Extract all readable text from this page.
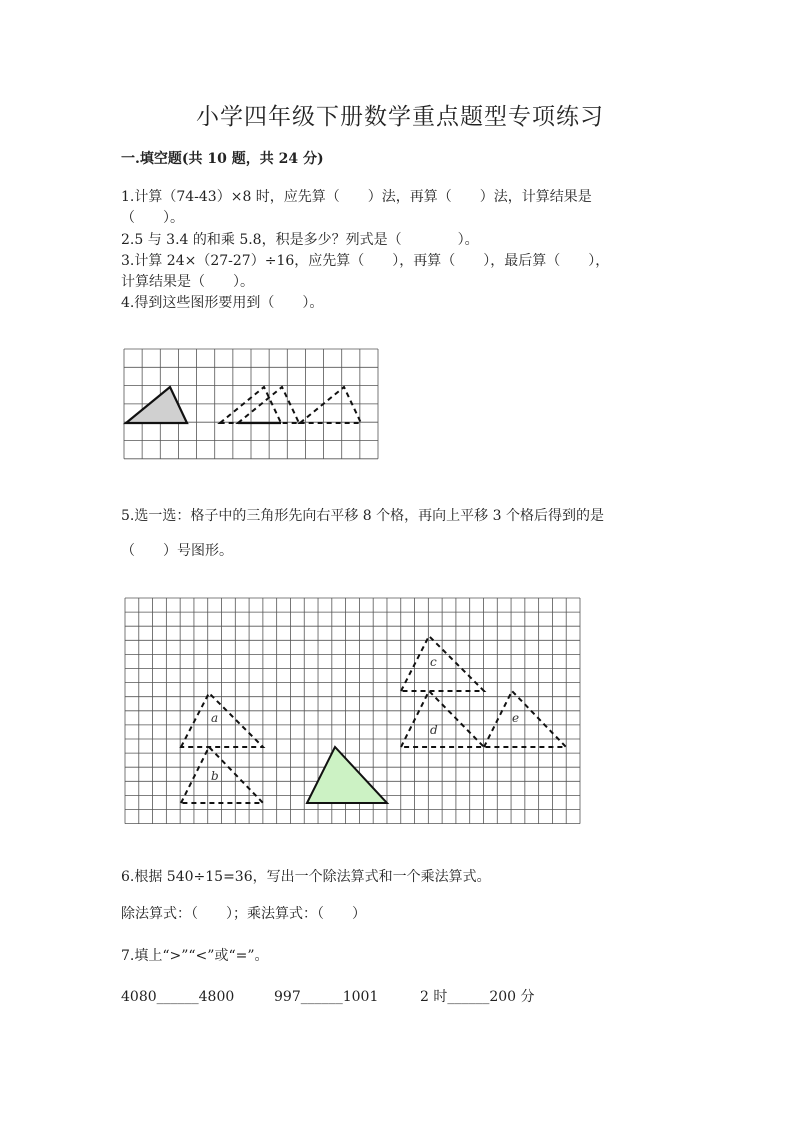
小学四年级下册数学重点题型专项练习

一.填空题(共 10 题，共 24 分)

1.计算（74-43）×8 时，应先算（　　）法，再算（　　）法，计算结果是

（　　）。

2.5 与 3.4 的和乘 5.8，积是多少？列式是（　　　　）。

3.计算 24×（27-27）÷16，应先算（　　），再算（　　），最后算（　　），

计算结果是（　　）。

4.得到这些图形要用到（　　）。

5.选一选：格子中的三角形先向右平移 8 个格，再向上平移 3 个格后得到的是

（　　）号图形。

a
b
c
d
e

6.根据 540÷15=36，写出一个除法算式和一个乘法算式。

除法算式：（　　）；乘法算式：（　　）

7.填上“>”“<”或“=”。

4080______4800	997______1001	2 时______200 分
